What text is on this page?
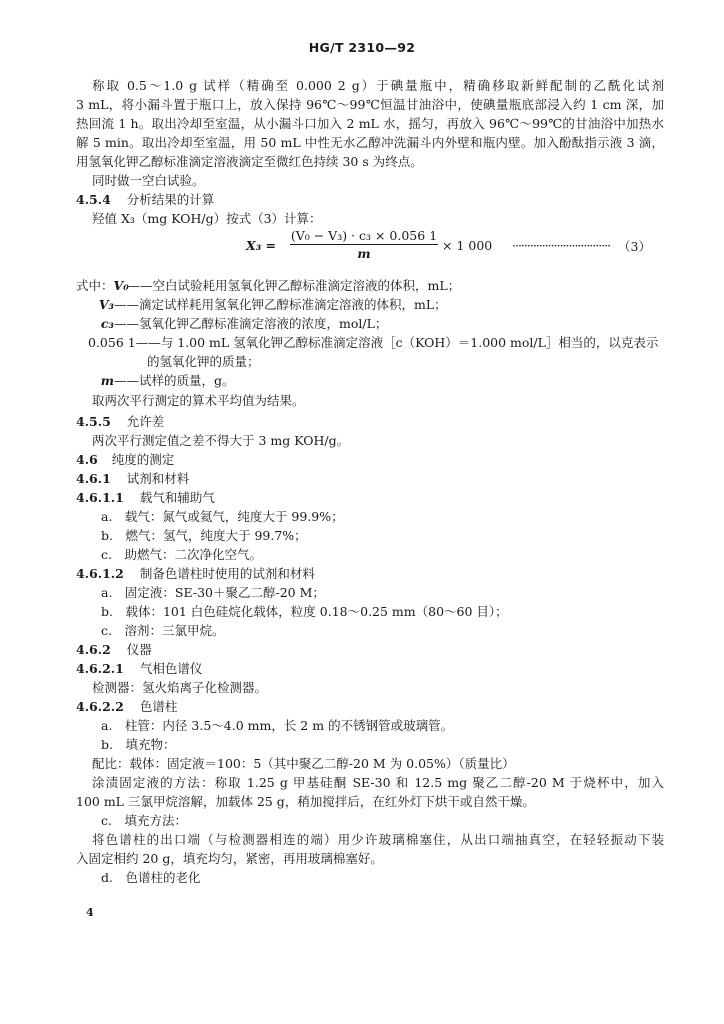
HG/T 2310—92
称取 0.5～1.0 g 试样（精确至 0.000 2 g）于碘量瓶中，精确移取新鲜配制的乙酰化试剂
3 mL，将小漏斗置于瓶口上，放入保持 96℃～99℃恒温甘油浴中，使碘量瓶底部浸入约 1 cm 深，加
热回流 1 h。取出冷却至室温，从小漏斗口加入 2 mL 水，摇匀，再放入 96℃～99℃的甘油浴中加热水
解 5 min。取出冷却至室温，用 50 mL 中性无水乙醇冲洗漏斗内外壁和瓶内壁。加入酚酞指示液 3 滴，
用氢氧化钾乙醇标准滴定溶液滴定至微红色持续 30 s 为终点。
同时做一空白试验。
4.5.4 分析结果的计算
羟值 X₃（mg KOH/g）按式（3）计算：
$X_3 = \frac{\text{(V₀ − V₃) · c₃ × 0.056 1}}{m} \times 1$ 000 ································· （3）
式中：V₀——空白试验耗用氢氧化钾乙醇标准滴定溶液的体积，mL；
V₃——滴定试样耗用氢氧化钾乙醇标准滴定溶液的体积，mL；
c₃——氢氧化钾乙醇标准滴定溶液的浓度，mol/L；
0.056 1——与 1.00 mL 氢氧化钾乙醇标准滴定溶液［c（KOH）＝1.000 mol/L］相当的，以克表示
的氢氧化钾的质量；
m——试样的质量，g。
取两次平行测定的算术平均值为结果。
4.5.5 允许差
两次平行测定值之差不得大于 3 mg KOH/g。
4.6 纯度的测定
4.6.1 试剂和材料
4.6.1.1 载气和辅助气
a.　载气：氮气或氦气，纯度大于 99.9%；
b.　燃气：氢气，纯度大于 99.7%；
c.　助燃气：二次净化空气。
4.6.1.2 制备色谱柱时使用的试剂和材料
a.　固定液：SE-30＋聚乙二醇-20 M；
b.　载体：101 白色硅烷化载体，粒度 0.18～0.25 mm（80～60 目）；
c.　溶剂：三氯甲烷。
4.6.2 仪器
4.6.2.1 气相色谱仪
检测器：氢火焰离子化检测器。
4.6.2.2 色谱柱
a.　柱管：内径 3.5～4.0 mm，长 2 m 的不锈钢管或玻璃管。
b.　填充物：
配比：载体：固定液＝100：5（其中聚乙二醇-20 M 为 0.05%）（质量比）
涂渍固定液的方法：称取 1.25 g 甲基硅酮 SE-30 和 12.5 mg 聚乙二醇-20 M 于烧杯中，加入
100 mL 三氯甲烷溶解，加载体 25 g，稍加搅拌后，在红外灯下烘干或自然干燥。
c.　填充方法：
将色谱柱的出口端（与检测器相连的端）用少许玻璃棉塞住，从出口端抽真空，在轻轻振动下装
入固定相约 20 g，填充均匀，紧密，再用玻璃棉塞好。
d.　色谱柱的老化
4
